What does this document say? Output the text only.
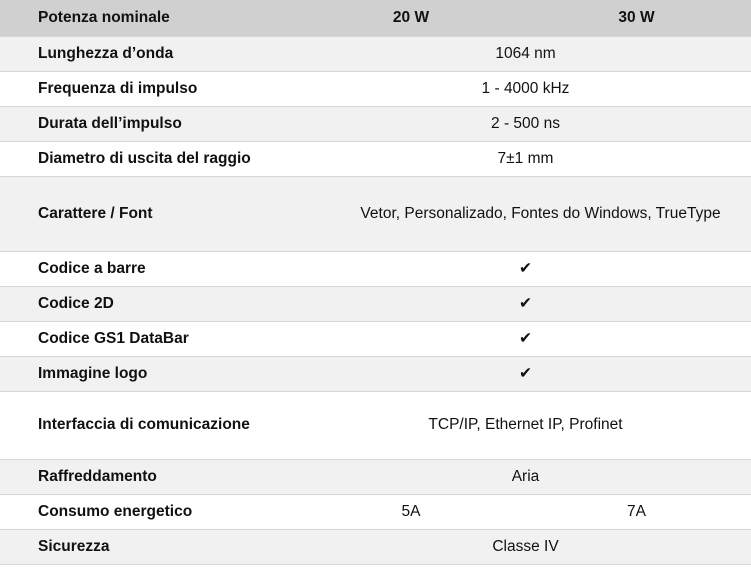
Potenza nominale	20 W	30 W
Lunghezza d’onda	1064 nm	
Frequenza di impulso	1 - 4000 kHz	
Durata dell’impulso	2 - 500 ns	
Diametro di uscita del raggio	7±1 mm	
Carattere / Font	Vetor, Personalizado, Fontes do Windows, TrueType	
Codice a barre	✔	
Codice 2D	✔	
Codice GS1 DataBar	✔	
Immagine logo	✔	
Interfaccia di comunicazione	TCP/IP, Ethernet IP, Profinet	
Raffreddamento	Aria	
Consumo energetico	5A	7A
Sicurezza	Classe IV	
